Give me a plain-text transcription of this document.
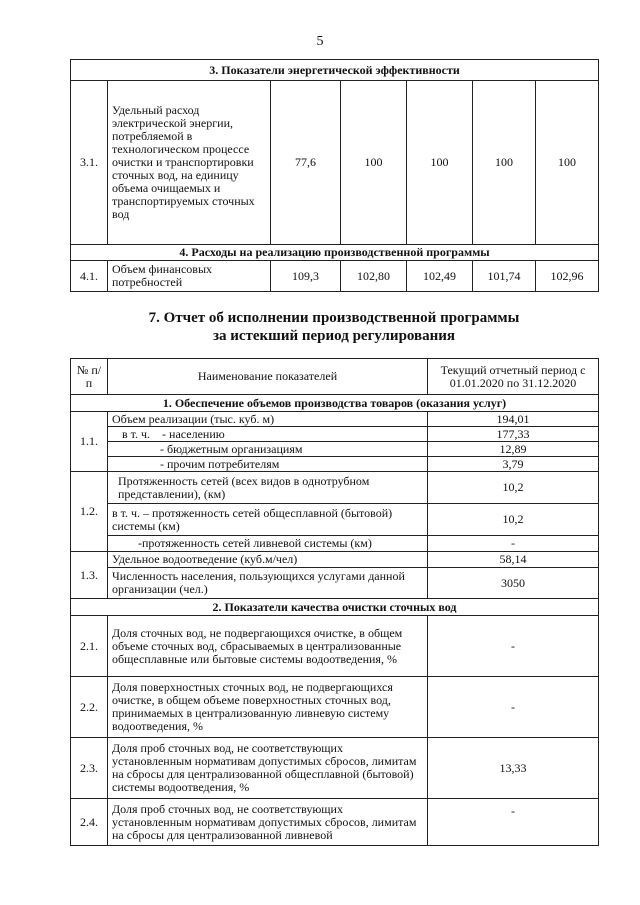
5
3. Показатели энергетической эффективности						
3.1.	Удельный расход электрической энергии, потребляемой в технологическом процессе очистки и транспортировки сточных вод, на единицу объема очищаемых и транспортируемых сточных вод	77,6	100	100	100	100
4. Расходы на реализацию производственной программы						
4.1.	Объем финансовых потребностей	109,3	102,80	102,49	101,74	102,96
7. Отчет об исполнении производственной программы
за истекший период регулирования
№ п/п	Наименование показателей	Текущий отчетный период с 01.01.2020 по 31.12.2020
1. Обеспечение объемов производства товаров (оказания услуг)		
1.1.	Объем реализации (тыс. куб. м)	194,01
	в т. ч.    - населению	177,33
	- бюджетным организациям	12,89
	- прочим потребителям	3,79
1.2.	Протяженность сетей (всех видов в однотрубном представлении), (км)	10,2
	в т. ч. – протяженность сетей общесплавной (бытовой) системы (км)	10,2
	-протяженность сетей ливневой системы (км)	-
1.3.	Удельное водоотведение (куб.м/чел)	58,14
	Численность населения, пользующихся услугами данной организации (чел.)	3050
2. Показатели качества очистки сточных вод		
2.1.	Доля сточных вод, не подвергающихся очистке, в общем объеме сточных вод, сбрасываемых в централизованные общесплавные или бытовые системы водоотведения, %	-
2.2.	Доля поверхностных сточных вод, не подвергающихся очистке, в общем объеме поверхностных сточных вод, принимаемых в централизованную ливневую систему водоотведения, %	-
2.3.	Доля проб сточных вод, не соответствующих установленным нормативам допустимых сбросов, лимитам на сбросы для централизованной общесплавной (бытовой) системы водоотведения, %	13,33
2.4.	Доля проб сточных вод, не соответствующих установленным нормативам допустимых сбросов, лимитам на сбросы для централизованной ливневой	-
